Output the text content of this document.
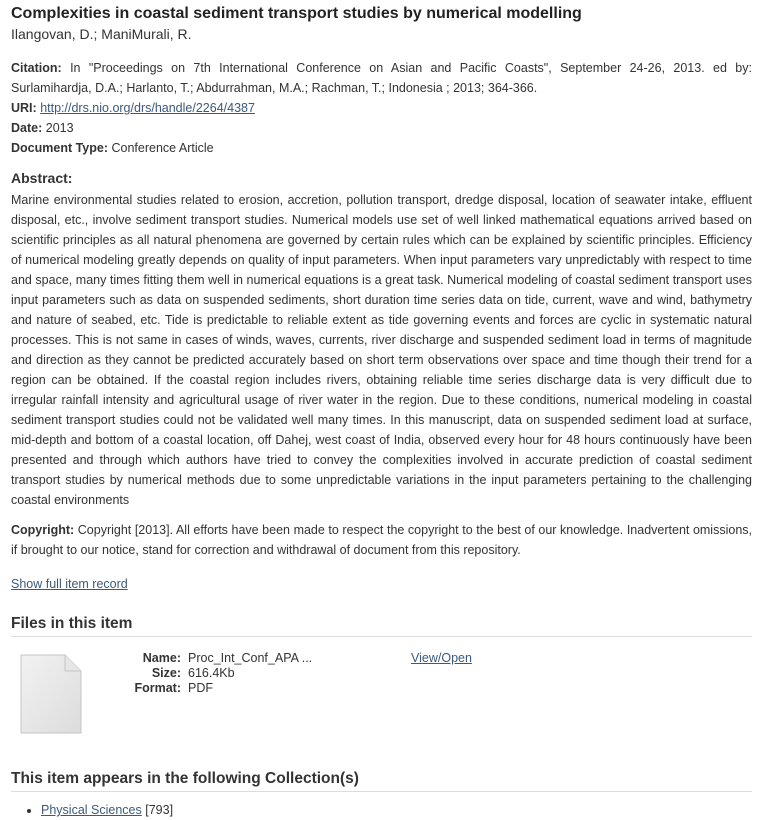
Complexities in coastal sediment transport studies by numerical modelling
Ilangovan, D.; ManiMurali, R.

Citation: In "Proceedings on 7th International Conference on Asian and Pacific Coasts", September 24-26, 2013. ed by: Surlamihardja, D.A.; Harlanto, T.; Abdurrahman, M.A.; Rachman, T.; Indonesia ; 2013; 364-366.

URI: http://drs.nio.org/drs/handle/2264/4387

Date: 2013

Document Type: Conference Article

Abstract:

Marine environmental studies related to erosion, accretion, pollution transport, dredge disposal, location of seawater intake, effluent disposal, etc., involve sediment transport studies. Numerical models use set of well linked mathematical equations arrived based on scientific principles as all natural phenomena are governed by certain rules which can be explained by scientific principles. Efficiency of numerical modeling greatly depends on quality of input parameters. When input parameters vary unpredictably with respect to time and space, many times fitting them well in numerical equations is a great task. Numerical modeling of coastal sediment transport uses input parameters such as data on suspended sediments, short duration time series data on tide, current, wave and wind, bathymetry and nature of seabed, etc. Tide is predictable to reliable extent as tide governing events and forces are cyclic in systematic natural processes. This is not same in cases of winds, waves, currents, river discharge and suspended sediment load in terms of magnitude and direction as they cannot be predicted accurately based on short term observations over space and time though their trend for a region can be obtained. If the coastal region includes rivers, obtaining reliable time series discharge data is very difficult due to irregular rainfall intensity and agricultural usage of river water in the region. Due to these conditions, numerical modeling in coastal sediment transport studies could not be validated well many times. In this manuscript, data on suspended sediment load at surface, mid-depth and bottom of a coastal location, off Dahej, west coast of India, observed every hour for 48 hours continuously have been presented and through which authors have tried to convey the complexities involved in accurate prediction of coastal sediment transport studies by numerical methods due to some unpredictable variations in the input parameters pertaining to the challenging coastal environments

Copyright: Copyright [2013]. All efforts have been made to respect the copyright to the best of our knowledge. Inadvertent omissions, if brought to our notice, stand for correction and withdrawal of document from this repository.

Show full item record
Files in this item
Name: Proc_Int_Conf_APA ...
Size: 616.4Kb
Format: PDF
View/Open
This item appears in the following Collection(s)
• Physical Sciences [793]
